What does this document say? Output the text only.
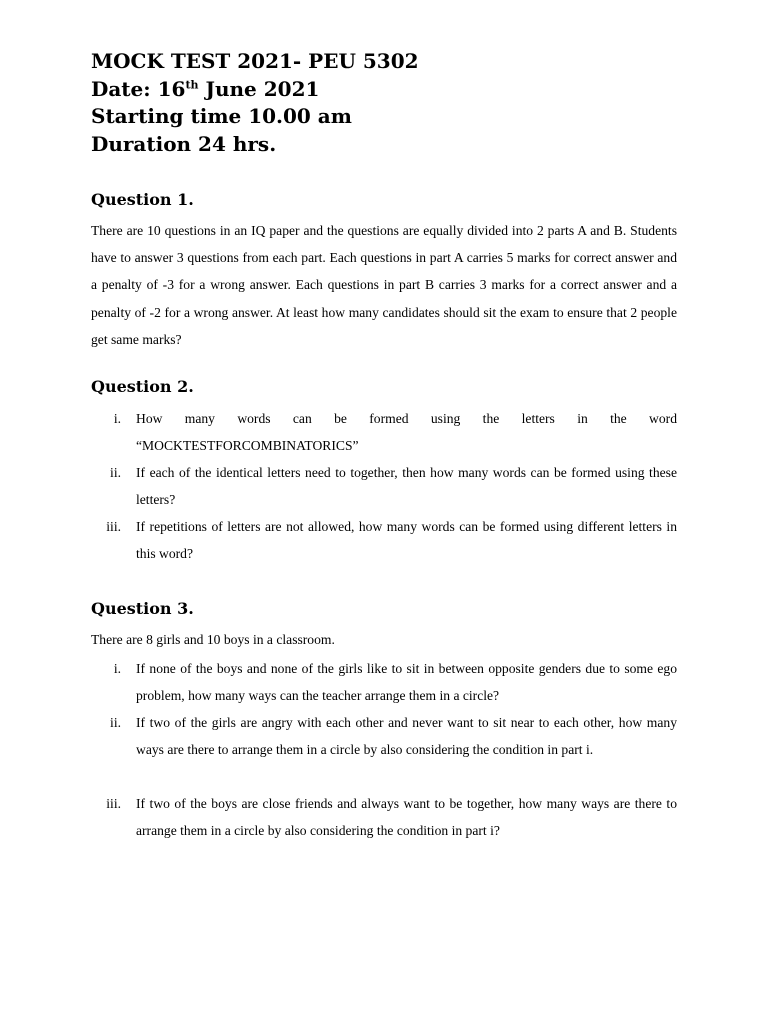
MOCK TEST 2021- PEU 5302
Date: 16th June 2021
Starting time 10.00 am
Duration 24 hrs.
Question 1.
There are 10 questions in an IQ paper and the questions are equally divided into 2 parts A and B. Students have to answer 3 questions from each part. Each questions in part A carries 5 marks for correct answer and a penalty of -3 for a wrong answer. Each questions in part B carries 3 marks for a correct answer and a penalty of -2 for a wrong answer. At least how many candidates should sit the exam to ensure that 2 people get same marks?
Question 2.
i. How many words can be formed using the letters in the word
“MOCKTESTFORCOMBINATORICS”
ii. If each of the identical letters need to together, then how many words can be formed using these letters?
iii. If repetitions of letters are not allowed, how many words can be formed using different letters in this word?
Question 3.
There are 8 girls and 10 boys in a classroom.
i. If none of the boys and none of the girls like to sit in between opposite genders due to some ego problem, how many ways can the teacher arrange them in a circle?
ii. If two of the girls are angry with each other and never want to sit near to each other, how many ways are there to arrange them in a circle by also considering the condition in part i.
iii. If two of the boys are close friends and always want to be together, how many ways are there to arrange them in a circle by also considering the condition in part i?
